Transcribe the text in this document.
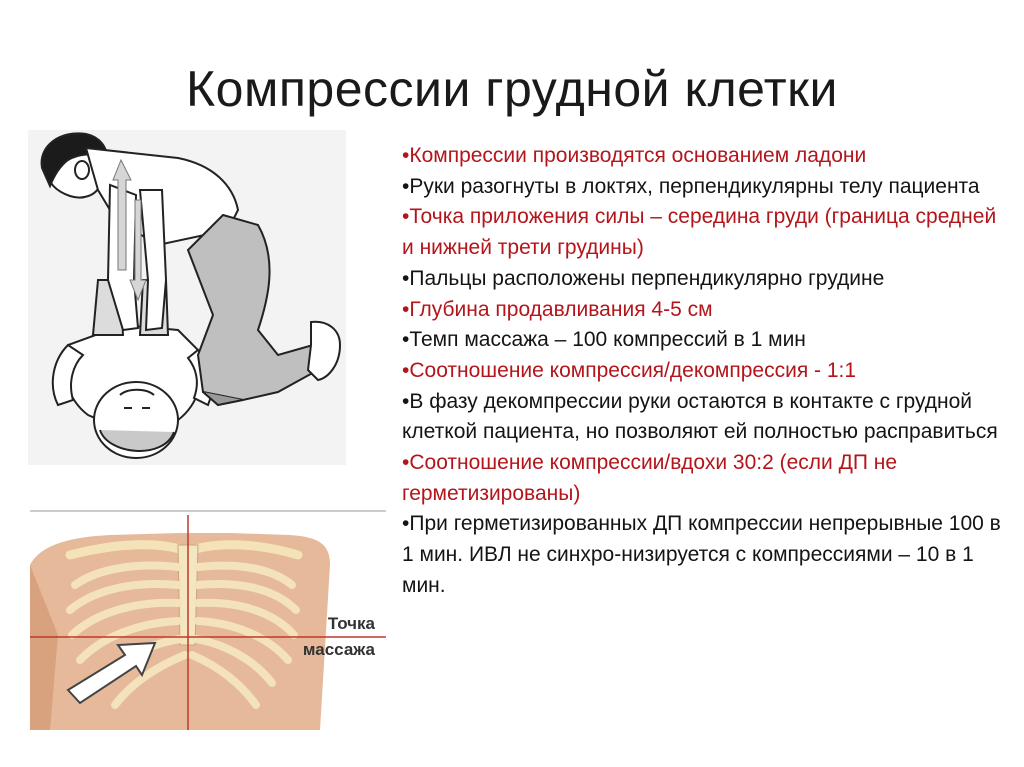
Компрессии грудной клетки
Точка
массажа
•Компрессии производятся основанием ладони
•Руки разогнуты в локтях, перпендикулярны телу пациента
•Точка приложения силы – середина груди (граница средней и нижней трети грудины)
•Пальцы расположены перпендикулярно грудине
•Глубина продавливания 4-5 см
•Темп массажа – 100 компрессий в 1 мин
•Соотношение компрессия/декомпрессия - 1:1
•В фазу декомпрессии руки остаются в контакте с грудной клеткой пациента, но позволяют ей полностью расправиться
•Соотношение компрессии/вдохи 30:2 (если ДП не герметизированы)
•При герметизированных ДП компрессии непрерывные 100 в 1 мин. ИВЛ не синхро-низируется с компрессиями – 10 в 1 мин.
